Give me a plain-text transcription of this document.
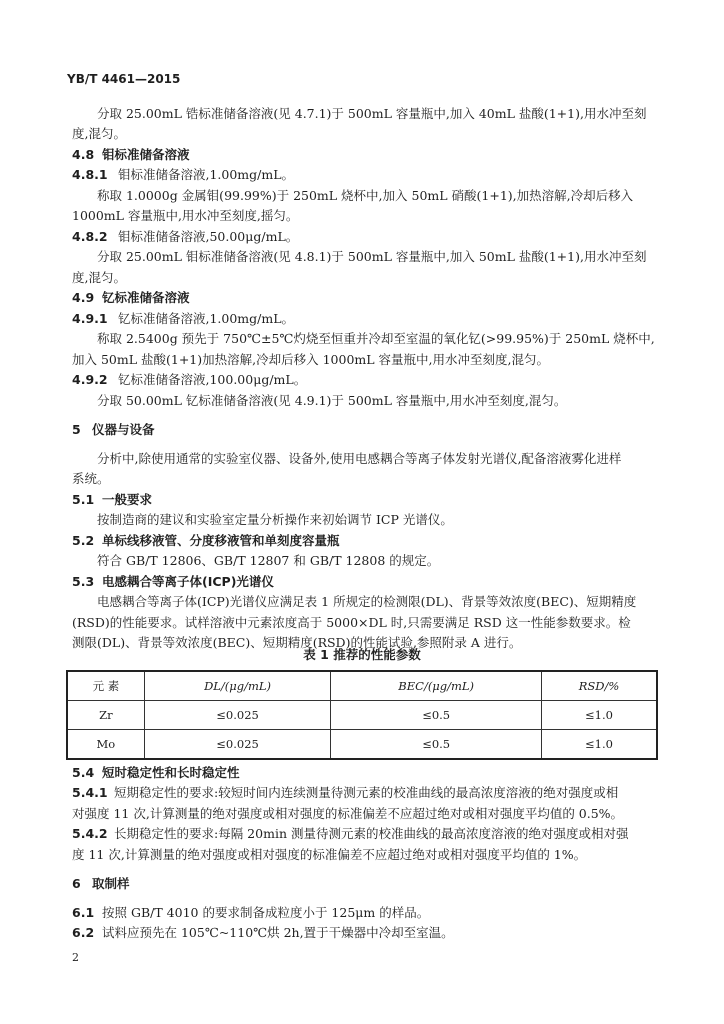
YB/T 4461—2015
分取 25.00mL 锆标准储备溶液(见 4.7.1)于 500mL 容量瓶中,加入 40mL 盐酸(1+1),用水冲至刻
度,混匀。
4.8 钼标准储备溶液
4.8.1 钼标准储备溶液,1.00mg/mL。
称取 1.0000g 金属钼(99.99%)于 250mL 烧杯中,加入 50mL 硝酸(1+1),加热溶解,冷却后移入
1000mL 容量瓶中,用水冲至刻度,摇匀。
4.8.2 钼标准储备溶液,50.00μg/mL。
分取 25.00mL 钼标准储备溶液(见 4.8.1)于 500mL 容量瓶中,加入 50mL 盐酸(1+1),用水冲至刻
度,混匀。
4.9 钇标准储备溶液
4.9.1 钇标准储备溶液,1.00mg/mL。
称取 2.5400g 预先于 750℃±5℃灼烧至恒重并冷却至室温的氧化钇(>99.95%)于 250mL 烧杯中,
加入 50mL 盐酸(1+1)加热溶解,冷却后移入 1000mL 容量瓶中,用水冲至刻度,混匀。
4.9.2 钇标准储备溶液,100.00μg/mL。
分取 50.00mL 钇标准储备溶液(见 4.9.1)于 500mL 容量瓶中,用水冲至刻度,混匀。
5 仪器与设备
分析中,除使用通常的实验室仪器、设备外,使用电感耦合等离子体发射光谱仪,配备溶液雾化进样
系统。
5.1 一般要求
按制造商的建议和实验室定量分析操作来初始调节 ICP 光谱仪。
5.2 单标线移液管、分度移液管和单刻度容量瓶
符合 GB/T 12806、GB/T 12807 和 GB/T 12808 的规定。
5.3 电感耦合等离子体(ICP)光谱仪
电感耦合等离子体(ICP)光谱仪应满足表 1 所规定的检测限(DL)、背景等效浓度(BEC)、短期精度
(RSD)的性能要求。试样溶液中元素浓度高于 5000×DL 时,只需要满足 RSD 这一性能参数要求。检
测限(DL)、背景等效浓度(BEC)、短期精度(RSD)的性能试验,参照附录 A 进行。
表 1 推荐的性能参数
元 素	DL/(μg/mL)	BEC/(μg/mL)	RSD/%
Zr	≤0.025	≤0.5	≤1.0
Mo	≤0.025	≤0.5	≤1.0
5.4 短时稳定性和长时稳定性
5.4.1 短期稳定性的要求:较短时间内连续测量待测元素的校准曲线的最高浓度溶液的绝对强度或相
对强度 11 次,计算测量的绝对强度或相对强度的标准偏差不应超过绝对或相对强度平均值的 0.5%。
5.4.2 长期稳定性的要求:每隔 20min 测量待测元素的校准曲线的最高浓度溶液的绝对强度或相对强
度 11 次,计算测量的绝对强度或相对强度的标准偏差不应超过绝对或相对强度平均值的 1%。
6 取制样
6.1 按照 GB/T 4010 的要求制备成粒度小于 125μm 的样品。
6.2 试料应预先在 105℃~110℃烘 2h,置于干燥器中冷却至室温。
2
